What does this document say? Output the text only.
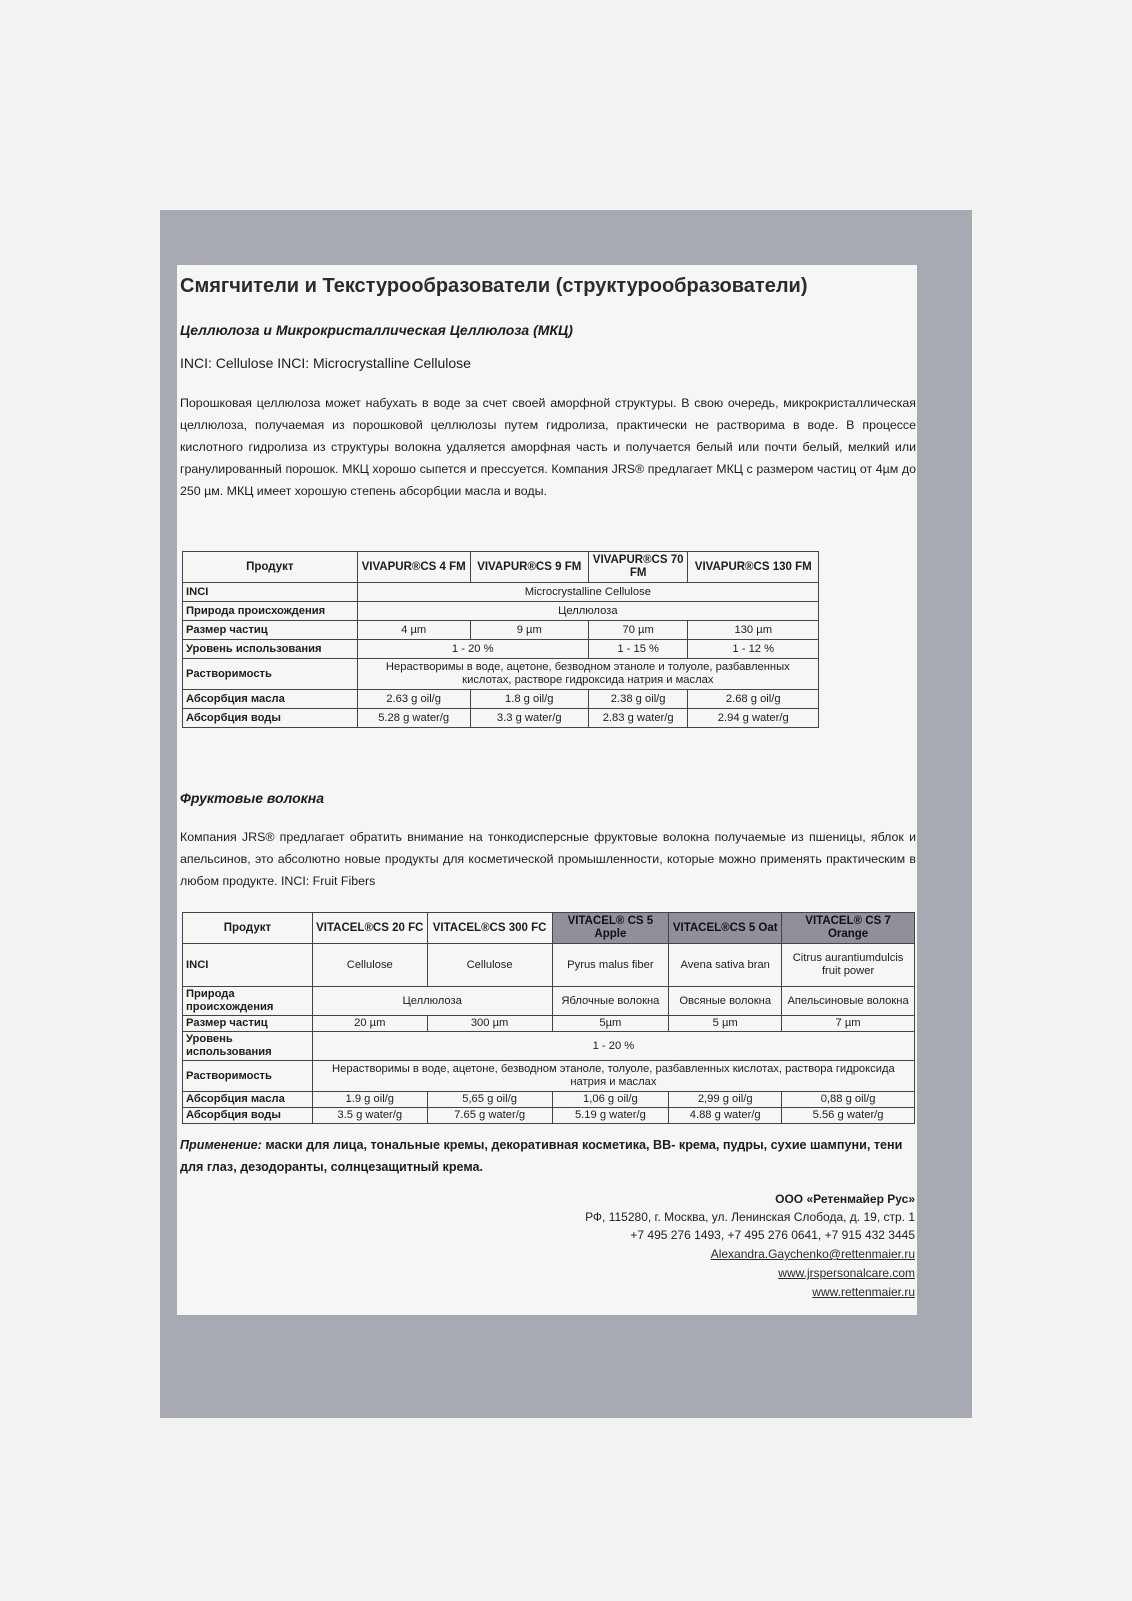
Смягчители и Текстурообразователи (структурообразователи)
Целлюлоза и Микрокристаллическая Целлюлоза (МКЦ)
INCI: Cellulose INCI: Microcrystalline Cellulose
Порошковая целлюлоза может набухать в воде за счет своей аморфной структуры. В свою очередь, микрокристаллическая целлюлоза, получаемая из порошковой целлюлозы путем гидролиза, практически не растворима в воде. В процессе кислотного гидролиза из структуры волокна удаляется аморфная часть и получается белый или почти белый, мелкий или гранулированный порошок. МКЦ хорошо сыпется и прессуется. Компания JRS® предлагает МКЦ с размером частиц от 4µм до 250 µм. МКЦ имеет хорошую степень абсорбции масла и воды.
Продукт	VIVAPUR®CS 4 FM	VIVAPUR®CS 9 FM	VIVAPUR®CS 70 FM	VIVAPUR®CS 130 FM
INCI	Microcrystalline Cellulose			
Природа происхождения	Целлюлоза			
Размер частиц	4 µm	9 µm	70 µm	130 µm
Уровень использования	1 - 20 %		1 - 15 %	1 - 12 %
Растворимость	Нерастворимы в воде, ацетоне, безводном этаноле и толуоле, разбавленных кислотах, растворе гидроксида натрия и маслах			
Абсорбция масла	2.63 g oil/g	1.8 g oil/g	2.38 g oil/g	2.68 g oil/g
Абсорбция воды	5.28 g water/g	3.3 g water/g	2.83 g water/g	2.94 g water/g
Фруктовые волокна
Компания JRS® предлагает обратить внимание на тонкодисперсные фруктовые волокна получаемые из пшеницы, яблок и апельсинов, это абсолютно новые продукты для косметической промышленности, которые можно применять практическим в любом продукте. INCI: Fruit Fibers
Продукт	VITACEL®CS 20 FC	VITACEL®CS 300 FC	VITACEL® CS 5 Apple	VITACEL®CS 5 Oat	VITACEL® CS 7 Orange
INCI	Cellulose	Cellulose	Pyrus malus fiber	Avena sativa bran	Citrus aurantiumdulcis fruit power
Природа происхождения	Целлюлоза		Яблочные волокна	Овсяные волокна	Апельсиновые волокна
Размер частиц	20 µm	300 µm	5µm	5 µm	7 µm
Уровень использования	1 - 20 %				
Растворимость	Нерастворимы в воде, ацетоне, безводном этаноле, толуоле, разбавленных кислотах, раствора гидроксида натрия и маслах				
Абсорбция масла	1.9 g oil/g	5,65 g oil/g	1,06 g oil/g	2,99 g oil/g	0,88 g oil/g
Абсорбция воды	3.5 g water/g	7.65 g water/g	5.19 g water/g	4.88 g water/g	5.56 g water/g
Применение: маски для лица, тональные кремы, декоративная косметика, BB- крема, пудры, сухие шампуни, тени для глаз, дезодоранты, солнцезащитный крема.
ООО «Ретенмайер Рус»
РФ, 115280, г. Москва, ул. Ленинская Слобода, д. 19, стр. 1
+7 495 276 1493, +7 495 276 0641, +7 915 432 3445
Alexandra.Gaychenko@rettenmaier.ru
www.jrspersonalcare.com
www.rettenmaier.ru
